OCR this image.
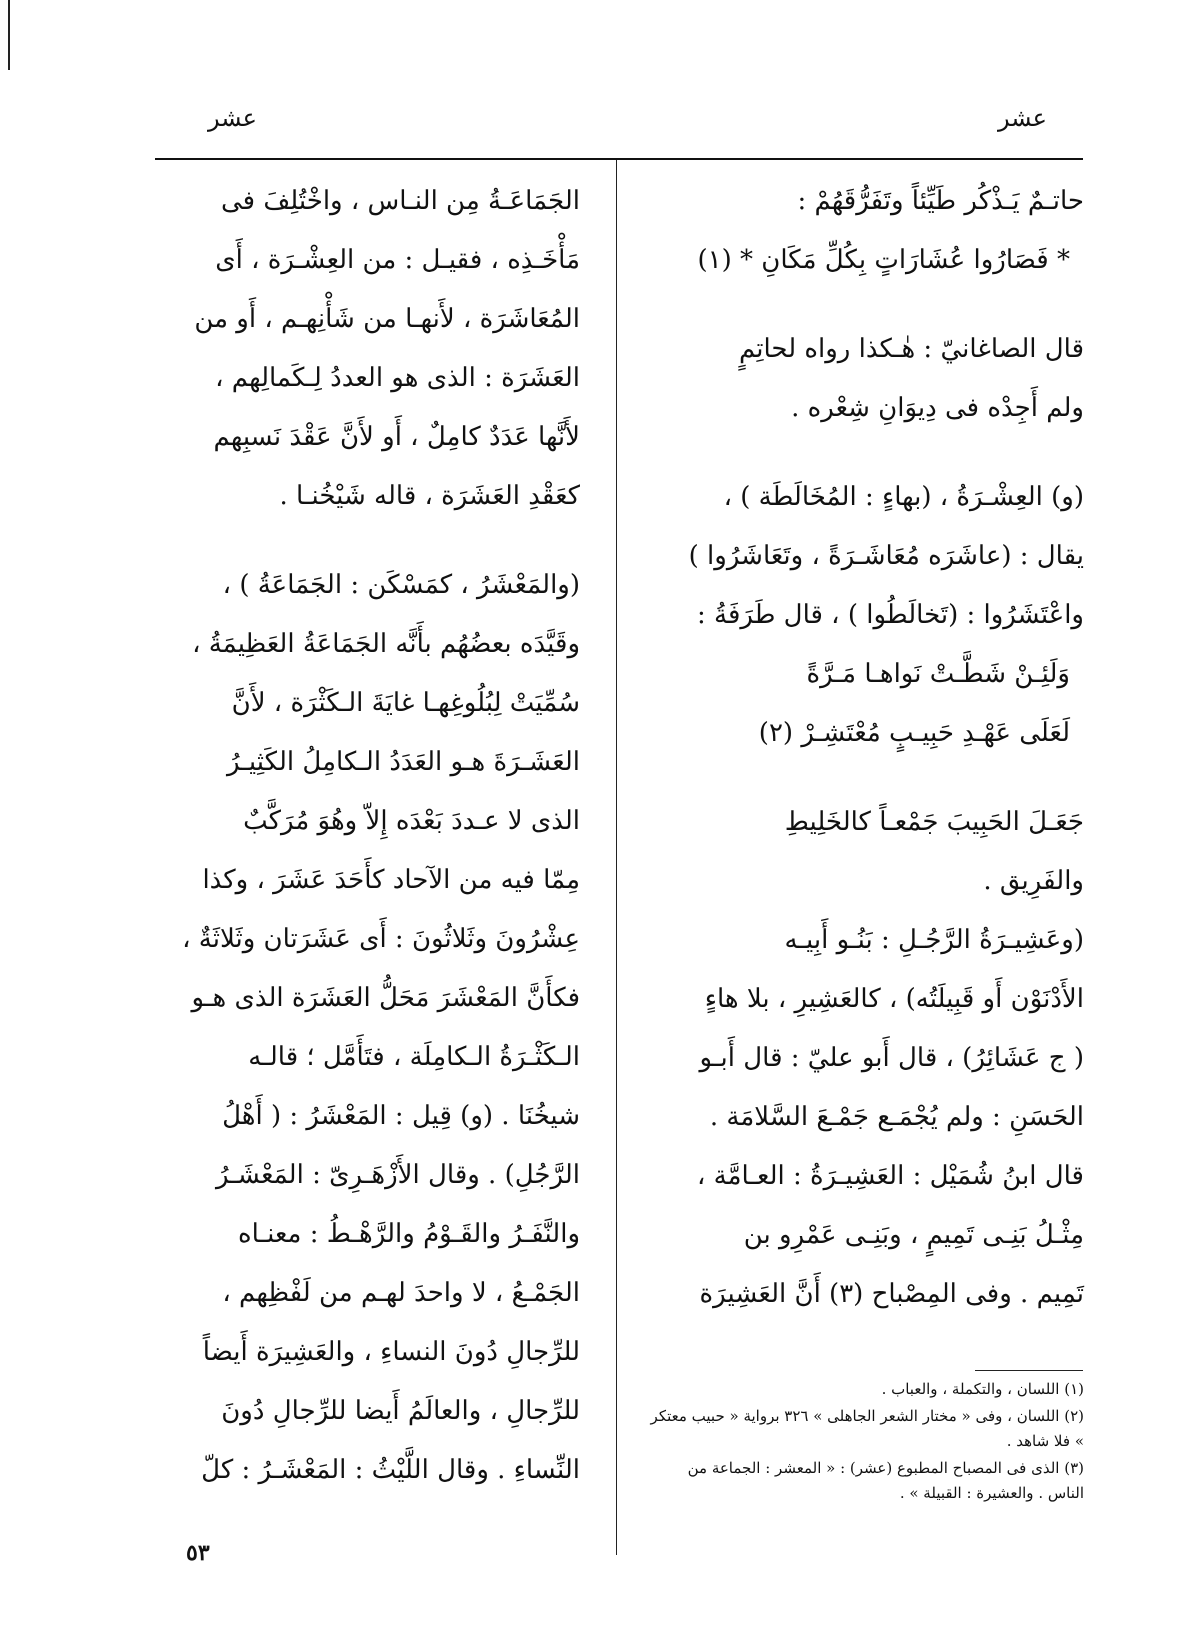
عشر	عشر

حاتـمٌ يَـذْكُر طَيِّئاً وتَفَرُّقَهُمْ :

* فَصَارُوا عُشَارَاتٍ بِكُلِّ مَكَانِ * (١)

قال الصاغانيّ : هٰـكذا رواه لحاتِمٍ

ولم أَجِدْه فى دِيوَانِ شِعْره .

(و) العِشْـرَةُ ، (بهاءٍ : المُخَالَطَة ) ،

يقال : (عاشَرَه مُعَاشَـرَةً ، وتَعَاشَرُوا )

واعْتَشَرُوا : (تَخالَطُوا ) ، قال طَرَفَةُ :

وَلَئِـنْ شَطَّـتْ نَواهـا مَـرَّةً

لَعَلَى عَهْـدِ حَبِيـبٍ مُعْتَشِـرْ (٢)

جَعَـلَ الحَبِيبَ جَمْعـاً كالخَلِيطِ

والفَرِيق .

(وعَشِيـرَةُ الرَّجُـلِ : بَنُـو أَبِيـه

الأَدْنَوْن أَو قَبِيلَتُه) ، كالعَشِيرِ ، بلا هاءٍ

( ج عَشَائِرُ) ، قال أَبو عليّ : قال أَبـو

الحَسَنِ : ولم يُجْمَـع جَمْـعَ السَّلامَة .

قال ابنُ شُمَيْل : العَشِيـرَةُ : العـامَّة ،

مِثْـلُ بَنِـى تَمِيمٍ ، وبَنِـى عَمْرِو بن

تَمِيم . وفى المِصْباح (٣) أَنَّ العَشِيرَة

(١) اللسان ، والتكملة ، والعباب .

(٢) اللسان ، وفى « مختار الشعر الجاهلى » ٣٢٦ برواية « حبيب معتكر » فلا شاهد .

(٣) الذى فى المصباح المطبوع (عشر) : « المعشر : الجماعة من الناس . والعشيرة : القبيلة » .

الجَمَاعَـةُ مِن النـاس ، واخْتُلِفَ فى

مَأْخَـذِه ، فقيـل : من العِشْـرَة ، أَى

المُعَاشَرَة ، لأَنهـا من شَأْنِهـم ، أَو من

العَشَرَة : الذى هو العددُ لِـكَمالِهم ،

لأَنَّها عَدَدٌ كامِلٌ ، أَو لأَنَّ عَقْدَ نَسبِهم

كعَقْدِ العَشَرَة ، قاله شَيْخُنـا .

(والمَعْشَرُ ، كمَسْكَن : الجَمَاعَةُ ) ،

وقَيَّدَه بعضُهُم بأَنَّه الجَمَاعَةُ العَظِيمَةُ ،

سُمِّيَتْ لِبُلُوغِهـا غايَةَ الـكَثْرَة ، لأَنَّ

العَشَـرَةَ هـو العَدَدُ الـكامِلُ الكَثِيـرُ

الذى لا عـددَ بَعْدَه إِلاّ وهُوَ مُرَكَّبٌ

مِمّا فيه من الآحاد كأَحَدَ عَشَرَ ، وكذا

عِشْرُونَ وثَلاثُونَ : أَى عَشَرَتان وثَلاثَةٌ ،

فكأَنَّ المَعْشَرَ مَحَلُّ العَشَرَة الذى هـو

الـكَثْـرَةُ الـكامِلَة ، فتَأَمَّل ؛ قالـه

شيخُنَا . (و) قِيل : المَعْشَرُ : ( أَهْلُ

الرَّجُلِ) . وقال الأَزْهَـرِىّ : المَعْشَـرُ

والنَّفَـرُ والقَـوْمُ والرَّهْـطُ : معنـاه

الجَمْـعُ ، لا واحدَ لهـم من لَفْظِهم ،

للرِّجالِ دُونَ النساءِ ، والعَشِيرَة أَيضاً

للرِّجالِ ، والعالَمُ أَيضا للرِّجالِ دُونَ

النِّساءِ . وقال اللَّيْثُ : المَعْشَـرُ : كلّ

٥٣
